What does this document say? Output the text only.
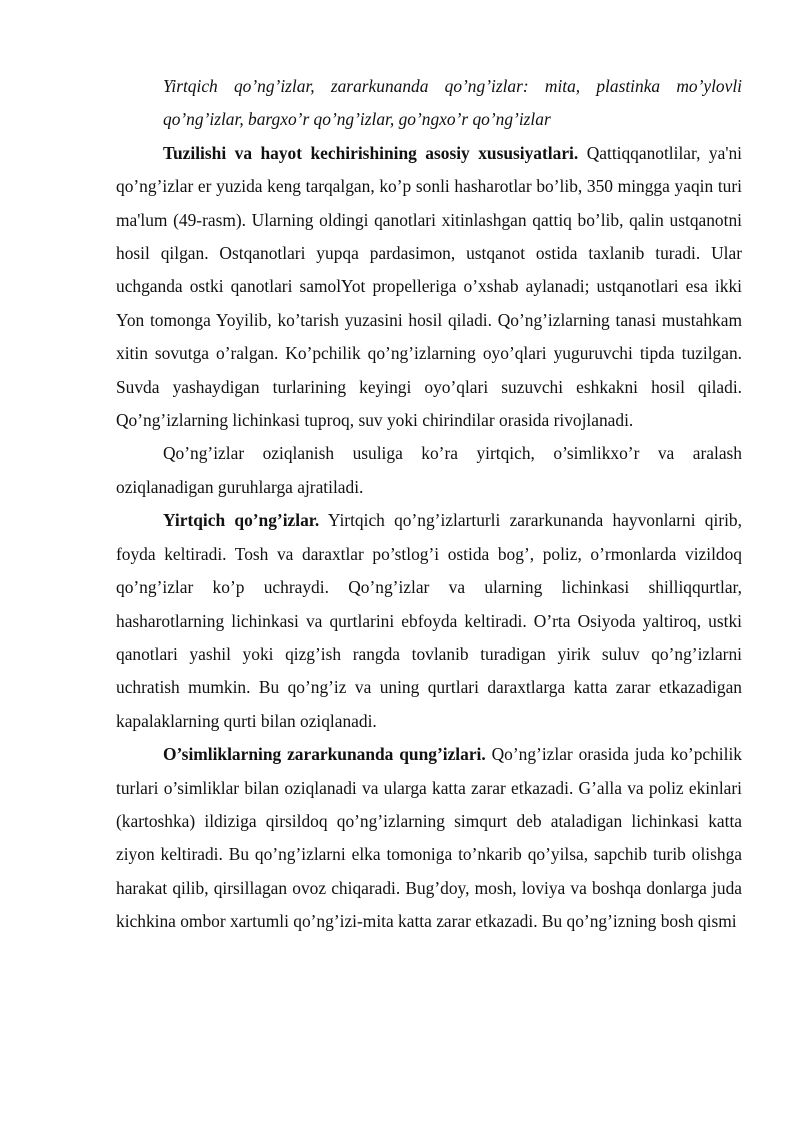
Yirtqich qo’ng’izlar, zararkunanda qo’ng’izlar: mita, plastinka mo’ylovli qo’ng’izlar, bargxo’r qo’ng’izlar, go’ngxo’r qo’ng’izlar

Tuzilishi va hayot kechirishining asosiy xususiyatlari. Qattiqqanotlilar, ya'ni qo’ng’izlar er yuzida keng tarqalgan, ko’p sonli hasharotlar bo’lib, 350 mingga yaqin turi ma'lum (49-rasm). Ularning oldingi qanotlari xitinlashgan qattiq bo’lib, qalin ustqanotni hosil qilgan. Ostqanotlari yupqa pardasimon, ustqanot ostida taxlanib turadi. Ular uchganda ostki qanotlari samolYot propelleriga o’xshab aylanadi; ustqanotlari esa ikki Yon tomonga Yoyilib, ko’tarish yuzasini hosil qiladi. Qo’ng’izlarning tanasi mustahkam xitin sovutga o’ralgan. Ko’pchilik qo’ng’izlarning oyo’qlari yuguruvchi tipda tuzilgan. Suvda yashaydigan turlarining keyingi oyo’qlari suzuvchi eshkakni hosil qiladi. Qo’ng’izlarning lichinkasi tuproq, suv yoki chirindilar orasida rivojlanadi.

Qo’ng’izlar oziqlanish usuliga ko’ra yirtqich, o’simlikxo’r va aralash oziqlanadigan guruhlarga ajratiladi.

Yirtqich qo’ng’izlar. Yirtqich qo’ng’izlarturli zararkunanda hayvonlarni qirib, foyda keltiradi. Tosh va daraxtlar po’stlog’i ostida bog’, poliz, o’rmonlarda vizildoq qo’ng’izlar ko’p uchraydi. Qo’ng’izlar va ularning lichinkasi shilliqqurtlar, hasharotlarning lichinkasi va qurtlarini ebfoyda keltiradi. O’rta Osiyoda yaltiroq, ustki qanotlari yashil yoki qizg’ish rangda tovlanib turadigan yirik suluv qo’ng’izlarni uchratish mumkin. Bu qo’ng’iz va uning qurtlari daraxtlarga katta zarar etkazadigan kapalaklarning qurti bilan oziqlanadi.

O’simliklarning zararkunanda qung’izlari. Qo’ng’izlar orasida juda ko’pchilik turlari o’simliklar bilan oziqlanadi va ularga katta zarar etkazadi. G’alla va poliz ekinlari (kartoshka) ildiziga qirsildoq qo’ng’izlarning simqurt deb ataladigan lichinkasi katta ziyon keltiradi. Bu qo’ng’izlarni elka tomoniga to’nkarib qo’yilsa, sapchib turib olishga harakat qilib, qirsillagan ovoz chiqaradi. Bug’doy, mosh, loviya va boshqa donlarga juda kichkina ombor xartumli qo’ng’izi-mita katta zarar etkazadi. Bu qo’ng’izning bosh qismi
